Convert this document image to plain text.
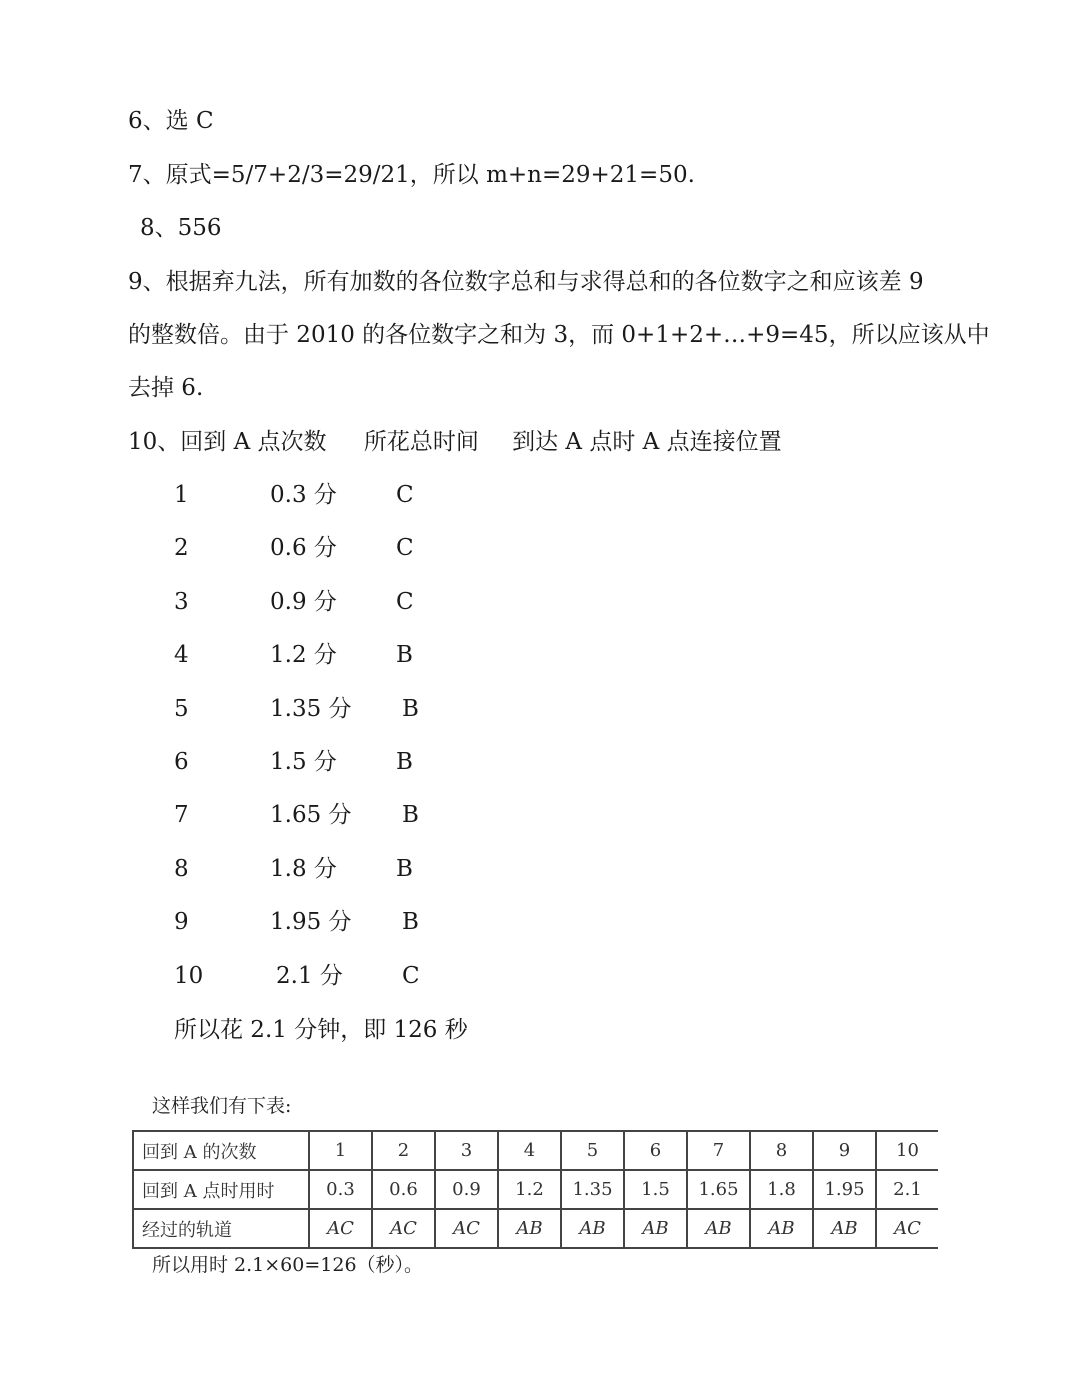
6、选 C
7、原式=5/7+2/3=29/21，所以 m+n=29+21=50.
8、556
9、根据弃九法，所有加数的各位数字总和与求得总和的各位数字之和应该差 9
的整数倍。由于 2010 的各位数字之和为 3，而 0+1+2+…+9=45，所以应该从中
去掉 6.
10、回到 A 点次数 所花总时间 到达 A 点时 A 点连接位置
1	0.3 分	C
2	0.6 分	C
3	0.9 分	C
4	1.2 分	B
5	1.35 分 B
6	1.5 分	B
7	1.65 分 B
8	1.8 分	B
9	1.95 分 B
10	2.1 分	C
所以花 2.1 分钟，即 126 秒
这样我们有下表:
回到 A 的次数	1	2	3	4	5	6	7	8	9	10
回到 A 点时用时	0.3	0.6	0.9	1.2	1.35	1.5	1.65	1.8	1.95	2.1
经过的轨道	AC	AC	AC	AB	AB	AB	AB	AB	AB	AC
所以用时 2.1×60=126（秒）。
